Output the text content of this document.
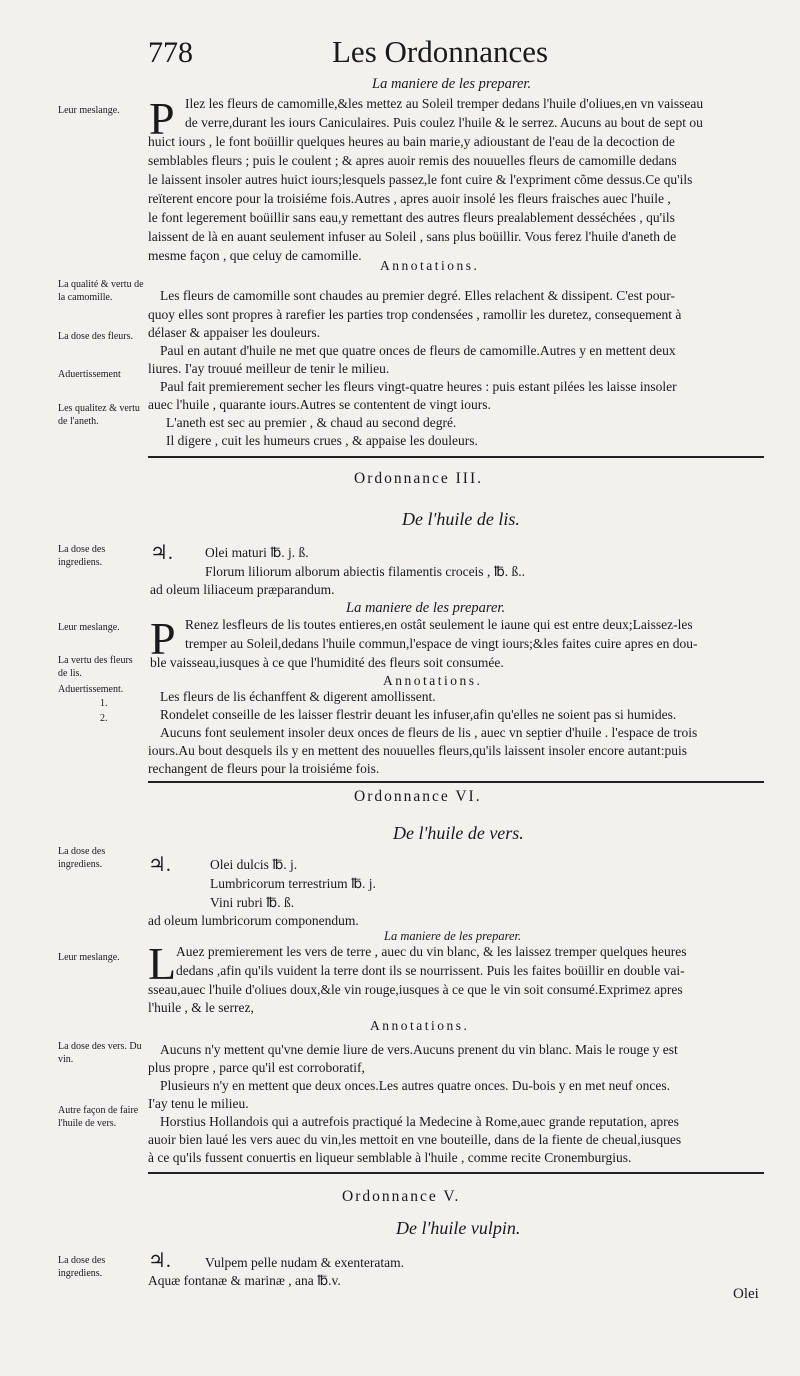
778	Les Ordonnances
La maniere de les preparer.
Leur meslange. P Ilez les fleurs de camomille,&les mettez au Soleil tremper dedans l'huile d'oliues,en vn vaisseau
de verre,durant les iours Caniculaires. Puis coulez l'huile & le serrez. Aucuns au bout de sept ou
huict iours , le font boüillir quelques heures au bain marie,y adioustant de l'eau de la decoction de
semblables fleurs ; puis le coulent ; & apres auoir remis des nouuelles fleurs de camomille dedans
le laissent insoler autres huict iours;lesquels passez,le font cuire & l'expriment cõme dessus.Ce qu'ils
reïterent encore pour la troisiéme fois.Autres , apres auoir insolé les fleurs fraisches auec l'huile ,
le font legerement boüillir sans eau,y remettant des autres fleurs prealablement desséchées , qu'ils
laissent de là en auant seulement infuser au Soleil , sans plus boüillir. Vous ferez l'huile d'aneth de
mesme façon , que celuy de camomille.
Annotations.
La qualité & vertu de la camomille.
La dose des fleurs.
Aduertissement
Les qualitez & vertu de l'aneth.
Les fleurs de camomille sont chaudes au premier degré. Elles relachent & dissipent. C'est pour-
quoy elles sont propres à rarefier les parties trop condensées , ramollir les duretez, consequement à
délaser & appaiser les douleurs.
Paul en autant d'huile ne met que quatre onces de fleurs de camomille.Autres y en mettent deux
liures. I'ay trouué meilleur de tenir le milieu.
Paul fait premierement secher les fleurs vingt-quatre heures : puis estant pilées les laisse insoler
auec l'huile , quarante iours.Autres se contentent de vingt iours.
L'aneth est sec au premier , & chaud au second degré.
Il digere , cuit les humeurs crues , & appaise les douleurs.
Ordonnance III.
De l'huile de lis.
La dose des ingrediens.	♃. Olei maturi ℔. j. ß.
Florum liliorum alborum abiectis filamentis croceis , ℔. ß..
ad oleum liliaceum præparandum.
La maniere de les preparer.
Leur meslange.
La vertu des fleurs de lis.
Aduertissement.
1.
2.
P Renez lesfleurs de lis toutes entieres,en ostât seulement le iaune qui est entre deux;Laissez-les
tremper au Soleil,dedans l'huile commun,l'espace de vingt iours;&les faites cuire apres en dou-
ble vaisseau,iusques à ce que l'humidité des fleurs soit consumée.
Annotations.
Les fleurs de lis échanffent & digerent amollissent.
Rondelet conseille de les laisser flestrir deuant les infuser,afin qu'elles ne soient pas si humides.
Aucuns font seulement insoler deux onces de fleurs de lis , auec vn septier d'huile . l'espace de trois
iours.Au bout desquels ils y en mettent des nouuelles fleurs,qu'ils laissent insoler encore autant:puis
rechangent de fleurs pour la troisiéme fois.
Ordonnance VI.
De l'huile de vers.
La dose des ingrediens.	♃.	Olei dulcis ℔. j.
Lumbricorum terrestrium ℔. j.
Vini rubri ℔. ß.
ad oleum lumbricorum componendum.
La maniere de les preparer.
Leur meslange. L Auez premierement les vers de terre , auec du vin blanc, & les laissez tremper quelques heures
dedans ,afin qu'ils vuident la terre dont ils se nourrissent. Puis les faites boüillir en double vai-
sseau,auec l'huile d'oliues doux,&le vin rouge,iusques à ce que le vin soit consumé.Exprimez apres
l'huile , & le serrez,
Annotations.
La dose des vers. Du vin.
Autre façon de faire l'huile de vers.
Aucuns n'y mettent qu'vne demie liure de vers.Aucuns prenent du vin blanc. Mais le rouge y est
plus propre , parce qu'il est corroboratif,
Plusieurs n'y en mettent que deux onces.Les autres quatre onces. Du-bois y en met neuf onces.
I'ay tenu le milieu.
Horstius Hollandois qui a autrefois practiqué la Medecine à Rome,auec grande reputation, apres
auoir bien laué les vers auec du vin,les mettoit en vne bouteille, dans de la fiente de cheual,iusques
à ce qu'ils fussent conuertis en liqueur semblable à l'huile , comme recite Cronemburgius.
Ordonnance V.
De l'huile vulpin.
La dose des ingrediens.
♃.	Vulpem pelle nudam & exenteratam.
Aquæ fontanæ & marinæ , ana ℔.v.
Olei
